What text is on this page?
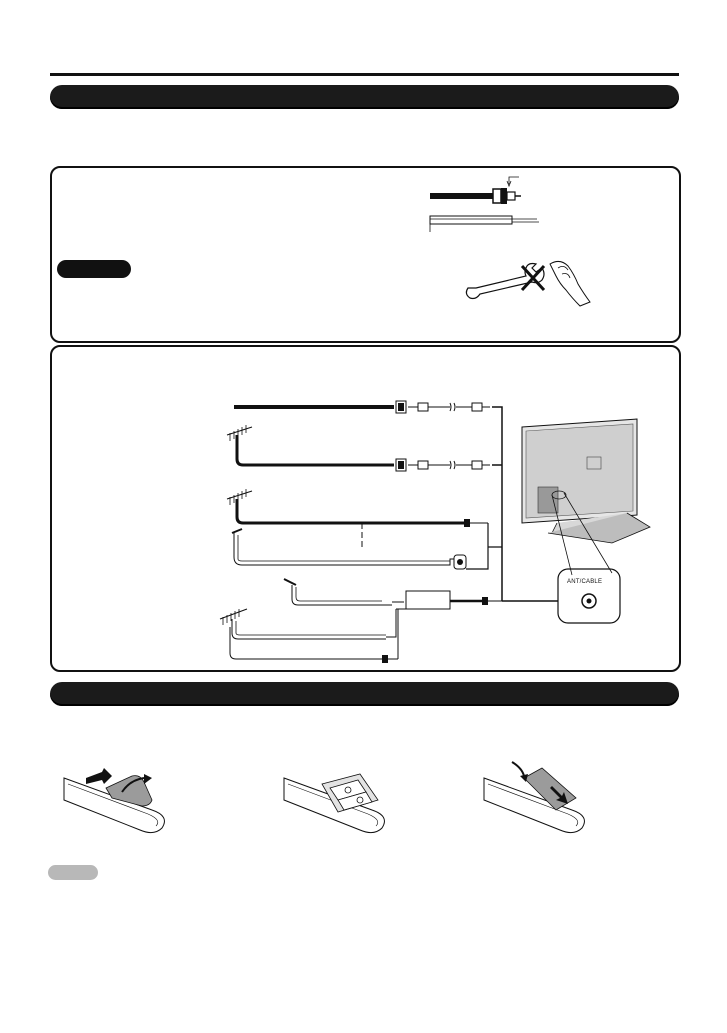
ANT/CABLE
